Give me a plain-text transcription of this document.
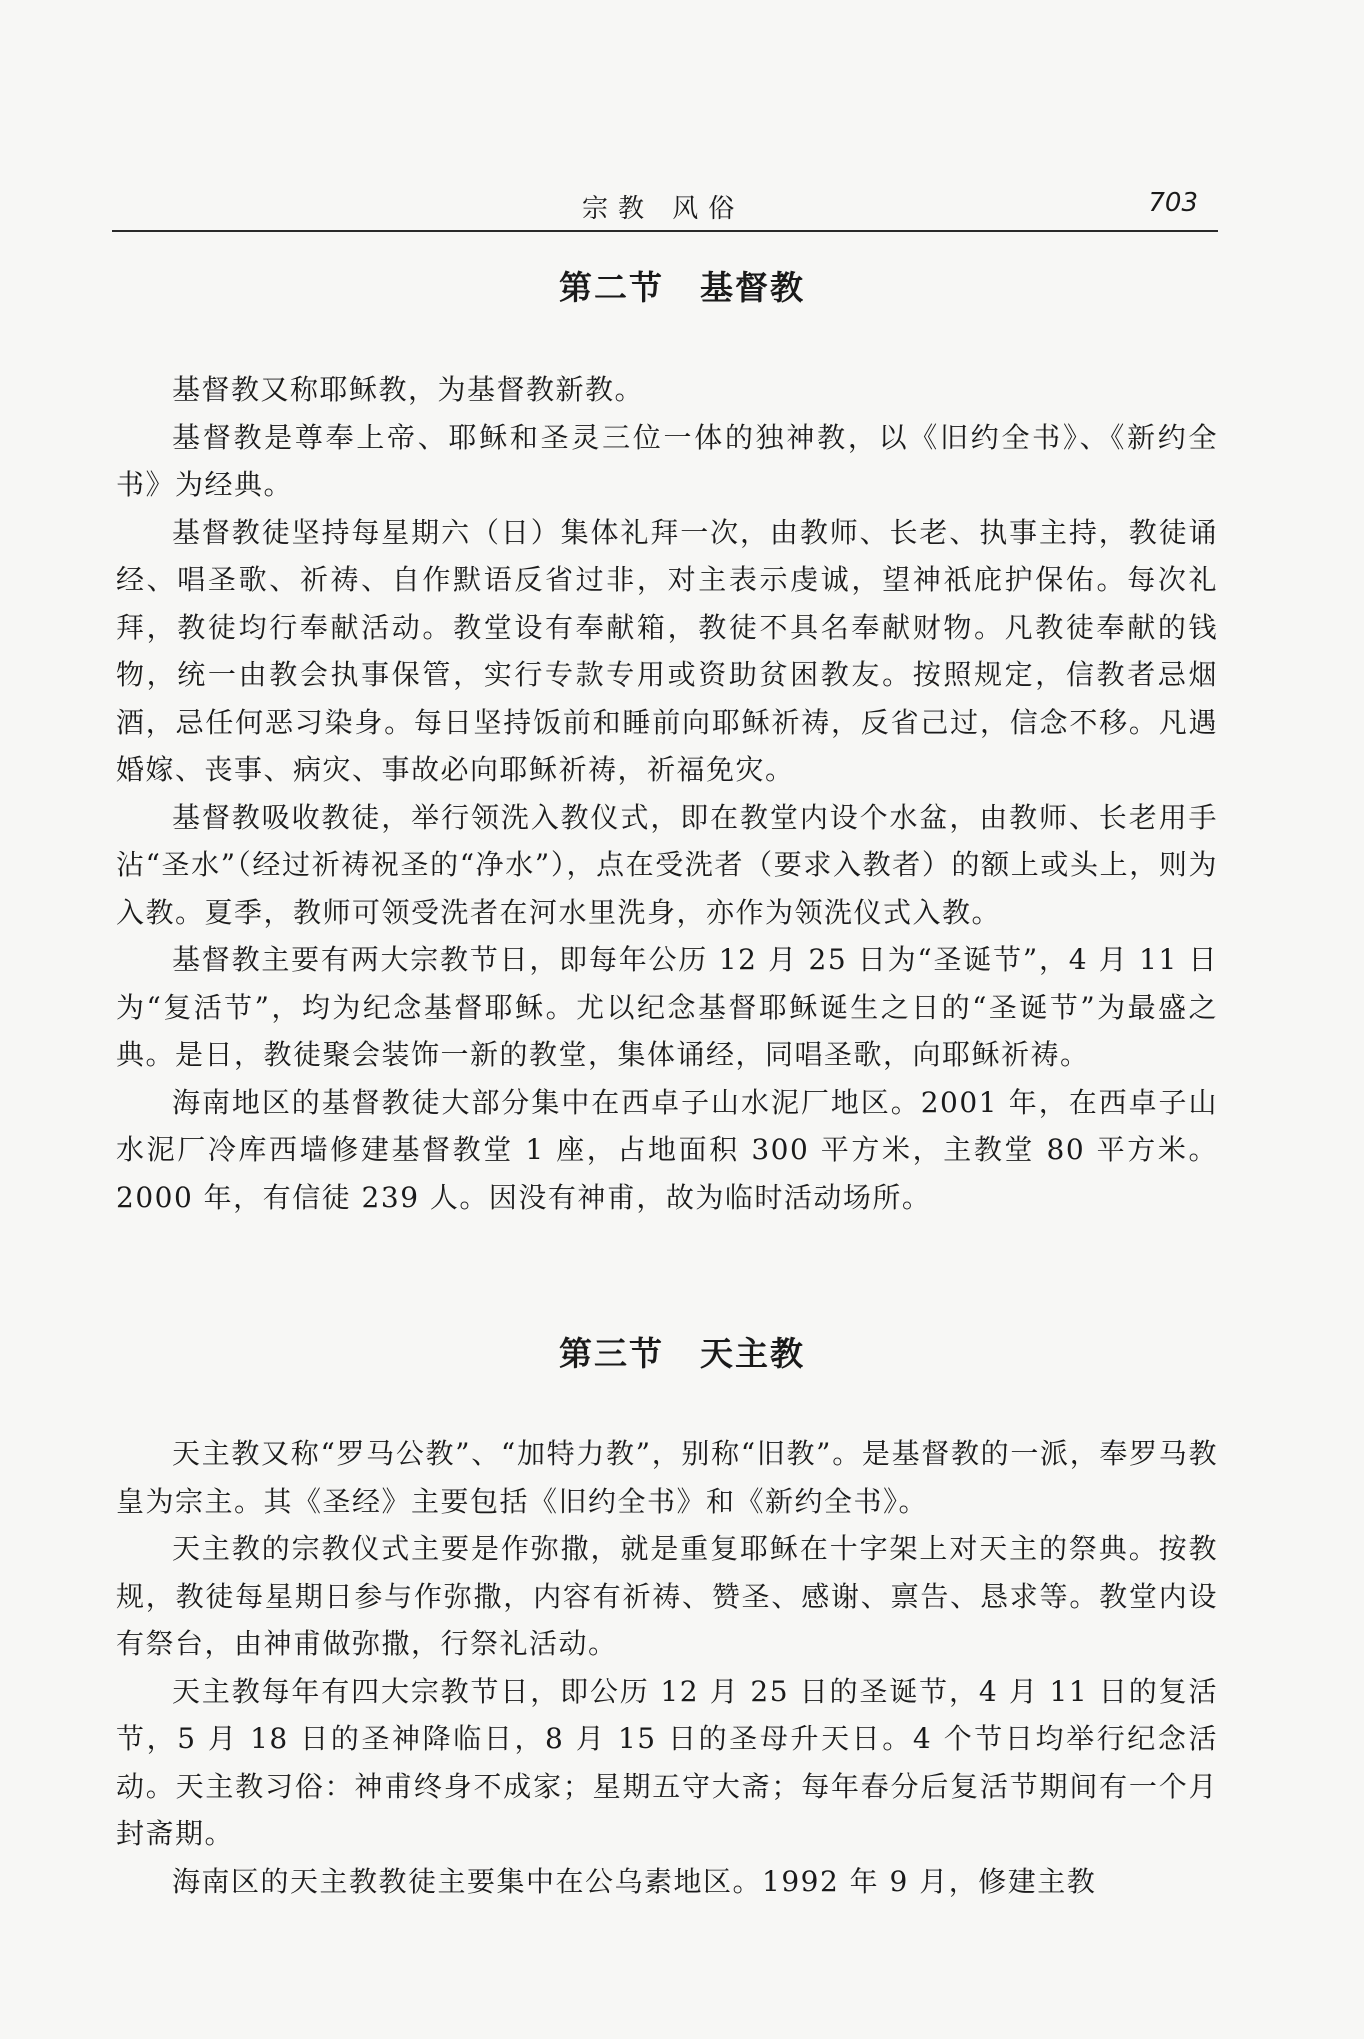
宗教 风俗	703
第二节 基督教

基督教又称耶稣教，为基督教新教。

基督教是尊奉上帝、耶稣和圣灵三位一体的独神教，以《旧约全书》、《新约全书》为经典。

基督教徒坚持每星期六（日）集体礼拜一次，由教师、长老、执事主持，教徒诵经、唱圣歌、祈祷、自作默语反省过非，对主表示虔诚，望神祇庇护保佑。每次礼拜，教徒均行奉献活动。教堂设有奉献箱，教徒不具名奉献财物。凡教徒奉献的钱物，统一由教会执事保管，实行专款专用或资助贫困教友。按照规定，信教者忌烟酒，忌任何恶习染身。每日坚持饭前和睡前向耶稣祈祷，反省己过，信念不移。凡遇婚嫁、丧事、病灾、事故必向耶稣祈祷，祈福免灾。

基督教吸收教徒，举行领洗入教仪式，即在教堂内设个水盆，由教师、长老用手沾“圣水”（经过祈祷祝圣的“净水”），点在受洗者（要求入教者）的额上或头上，则为入教。夏季，教师可领受洗者在河水里洗身，亦作为领洗仪式入教。

基督教主要有两大宗教节日，即每年公历 12 月 25 日为“圣诞节”，4 月 11 日为“复活节”，均为纪念基督耶稣。尤以纪念基督耶稣诞生之日的“圣诞节”为最盛之典。是日，教徒聚会装饰一新的教堂，集体诵经，同唱圣歌，向耶稣祈祷。

海南地区的基督教徒大部分集中在西卓子山水泥厂地区。2001 年，在西卓子山水泥厂冷库西墙修建基督教堂 1 座，占地面积 300 平方米，主教堂 80 平方米。2000 年，有信徒 239 人。因没有神甫，故为临时活动场所。

第三节 天主教

天主教又称“罗马公教”、“加特力教”，别称“旧教”。是基督教的一派，奉罗马教皇为宗主。其《圣经》主要包括《旧约全书》和《新约全书》。

天主教的宗教仪式主要是作弥撒，就是重复耶稣在十字架上对天主的祭典。按教规，教徒每星期日参与作弥撒，内容有祈祷、赞圣、感谢、禀告、恳求等。教堂内设有祭台，由神甫做弥撒，行祭礼活动。

天主教每年有四大宗教节日，即公历 12 月 25 日的圣诞节，4 月 11 日的复活节，5 月 18 日的圣神降临日，8 月 15 日的圣母升天日。4 个节日均举行纪念活动。天主教习俗：神甫终身不成家；星期五守大斋；每年春分后复活节期间有一个月封斋期。

海南区的天主教教徒主要集中在公乌素地区。1992 年 9 月，修建主教
